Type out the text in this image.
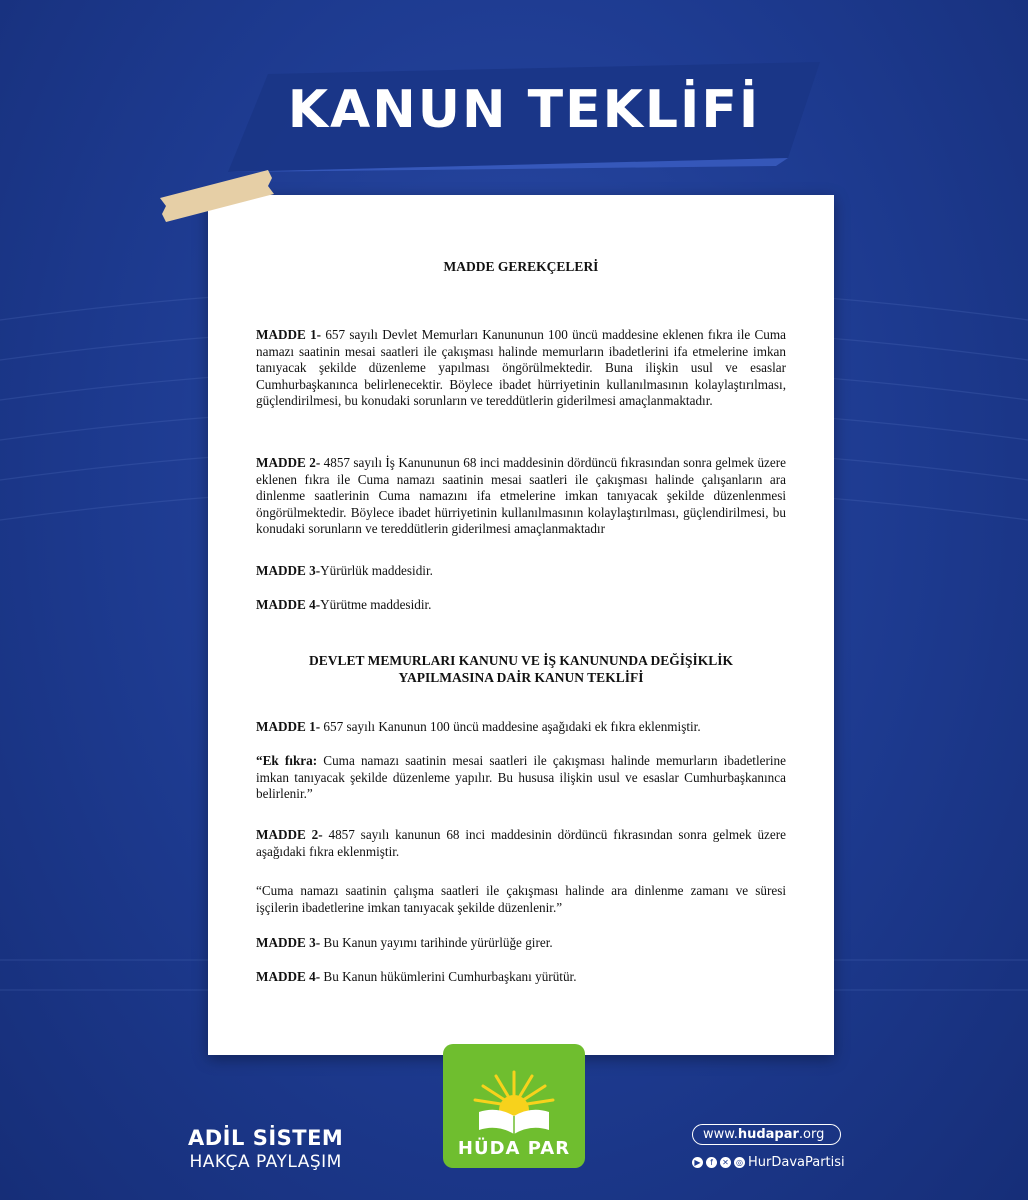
KANUN TEKLİFİ
MADDE GEREKÇELERİ
MADDE 1- 657 sayılı Devlet Memurları Kanununun 100 üncü maddesine eklenen fıkra ile Cuma namazı saatinin mesai saatleri ile çakışması halinde memurların ibadetlerini ifa etmelerine imkan tanıyacak şekilde düzenleme yapılması öngörülmektedir. Buna ilişkin usul ve esaslar Cumhurbaşkanınca belirlenecektir. Böylece ibadet hürriyetinin kullanılmasının kolaylaştırılması, güçlendirilmesi, bu konudaki sorunların ve tereddütlerin giderilmesi amaçlanmaktadır.
MADDE 2- 4857 sayılı İş Kanununun 68 inci maddesinin dördüncü fıkrasından sonra gelmek üzere eklenen fıkra ile Cuma namazı saatinin mesai saatleri ile çakışması halinde çalışanların ara dinlenme saatlerinin Cuma namazını ifa etmelerine imkan tanıyacak şekilde düzenlenmesi öngörülmektedir. Böylece ibadet hürriyetinin kullanılmasının kolaylaştırılması, güçlendirilmesi, bu konudaki sorunların ve tereddütlerin giderilmesi amaçlanmaktadır
MADDE 3-Yürürlük maddesidir.
MADDE 4-Yürütme maddesidir.
DEVLET MEMURLARI KANUNU VE İŞ KANUNUNDA DEĞİŞİKLİK
YAPILMASINA DAİR KANUN TEKLİFİ
MADDE 1- 657 sayılı Kanunun 100 üncü maddesine aşağıdaki ek fıkra eklenmiştir.
“Ek fıkra: Cuma namazı saatinin mesai saatleri ile çakışması halinde memurların ibadetlerine imkan tanıyacak şekilde düzenleme yapılır. Bu hususa ilişkin usul ve esaslar Cumhurbaşkanınca belirlenir.”
MADDE 2- 4857 sayılı kanunun 68 inci maddesinin dördüncü fıkrasından sonra gelmek üzere aşağıdaki fıkra eklenmiştir.
“Cuma namazı saatinin çalışma saatleri ile çakışması halinde ara dinlenme zamanı ve süresi işçilerin ibadetlerine imkan tanıyacak şekilde düzenlenir.”
MADDE 3- Bu Kanun yayımı tarihinde yürürlüğe girer.
MADDE 4- Bu Kanun hükümlerini Cumhurbaşkanı yürütür.
ADİL SİSTEM
HAKÇA PAYLAŞIM
HÜDA PAR
www.hudapar.org
▶	f	✕ ◎ HurDavaPartisi
